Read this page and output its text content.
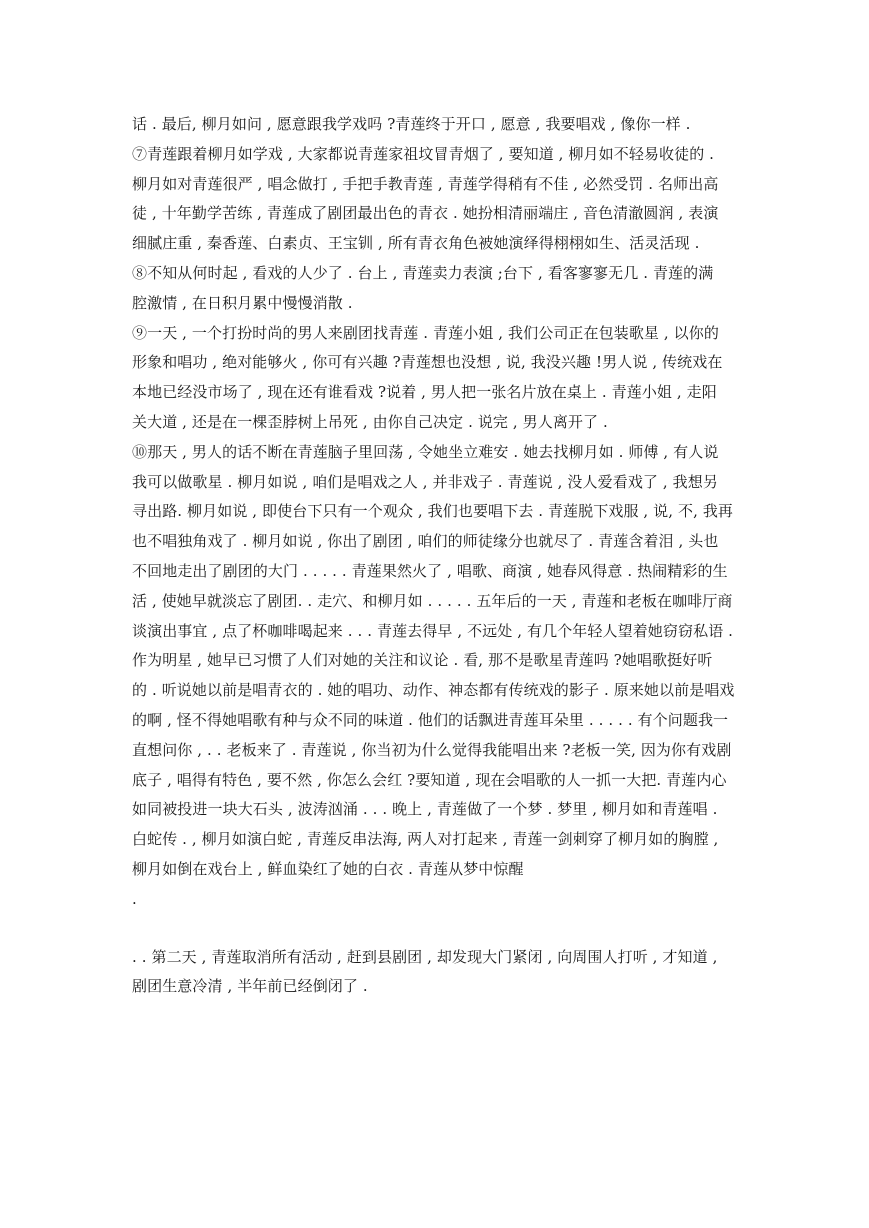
话 . 最后, 柳月如问 , 愿意跟我学戏吗 ?青莲终于开口 , 愿意 , 我要唱戏 , 像你一样 .
⑦青莲跟着柳月如学戏 , 大家都说青莲家祖坟冒青烟了 , 要知道 , 柳月如不轻易收徒的 .
柳月如对青莲很严 , 唱念做打 , 手把手教青莲 , 青莲学得稍有不佳 , 必然受罚 . 名师出高
徒 , 十年勤学苦练 , 青莲成了剧团最出色的青衣 . 她扮相清丽端庄 , 音色清澈圆润 , 表演
细腻庄重 , 秦香莲、白素贞、王宝钏 , 所有青衣角色被她演绎得栩栩如生、活灵活现 .
⑧不知从何时起 , 看戏的人少了 . 台上 , 青莲卖力表演 ;台下 , 看客寥寥无几 . 青莲的满
腔激情 , 在日积月累中慢慢消散 .
⑨一天 , 一个打扮时尚的男人来剧团找青莲 . 青莲小姐 , 我们公司正在包装歌星 , 以你的
形象和唱功 , 绝对能够火 , 你可有兴趣 ?青莲想也没想 , 说, 我没兴趣 !男人说 , 传统戏在
本地已经没市场了 , 现在还有谁看戏 ?说着 , 男人把一张名片放在桌上 . 青莲小姐 , 走阳
关大道 , 还是在一棵歪脖树上吊死 , 由你自己决定 . 说完 , 男人离开了 .
⑩那天 , 男人的话不断在青莲脑子里回荡 , 令她坐立难安 . 她去找柳月如 . 师傅 , 有人说
我可以做歌星 . 柳月如说 , 咱们是唱戏之人 , 并非戏子 . 青莲说 , 没人爱看戏了 , 我想另
寻出路. 柳月如说 , 即使台下只有一个观众 , 我们也要唱下去 . 青莲脱下戏服 , 说, 不, 我再
也不唱独角戏了 . 柳月如说 , 你出了剧团 , 咱们的师徒缘分也就尽了 . 青莲含着泪 , 头也
不回地走出了剧团的大门 . . . . . 青莲果然火了 , 唱歌、商演 , 她春风得意 . 热闹精彩的生
活 , 使她早就淡忘了剧团. . 走穴、和柳月如 . . . . . 五年后的一天 , 青莲和老板在咖啡厅商
谈演出事宜 , 点了杯咖啡喝起来 . . . 青莲去得早 , 不远处 , 有几个年轻人望着她窃窃私语 .
作为明星 , 她早已习惯了人们对她的关注和议论 . 看, 那不是歌星青莲吗 ?她唱歌挺好听
的 . 听说她以前是唱青衣的 . 她的唱功、动作、神态都有传统戏的影子 . 原来她以前是唱戏
的啊 , 怪不得她唱歌有种与众不同的味道 . 他们的话飘进青莲耳朵里 . . . . . 有个问题我一
直想问你 , . . 老板来了 . 青莲说 , 你当初为什么觉得我能唱出来 ?老板一笑, 因为你有戏剧
底子 , 唱得有特色 , 要不然 , 你怎么会红 ?要知道 , 现在会唱歌的人一抓一大把. 青莲内心
如同被投进一块大石头 , 波涛汹涌 . . . 晚上 , 青莲做了一个梦 . 梦里 , 柳月如和青莲唱 .
白蛇传 . , 柳月如演白蛇 , 青莲反串法海, 两人对打起来 , 青莲一剑刺穿了柳月如的胸膛 ,
柳月如倒在戏台上 , 鲜血染红了她的白衣 . 青莲从梦中惊醒
.
. . 第二天 , 青莲取消所有活动 , 赶到县剧团 , 却发现大门紧闭 , 向周围人打听 , 才知道 ,
剧团生意冷清 , 半年前已经倒闭了 .
